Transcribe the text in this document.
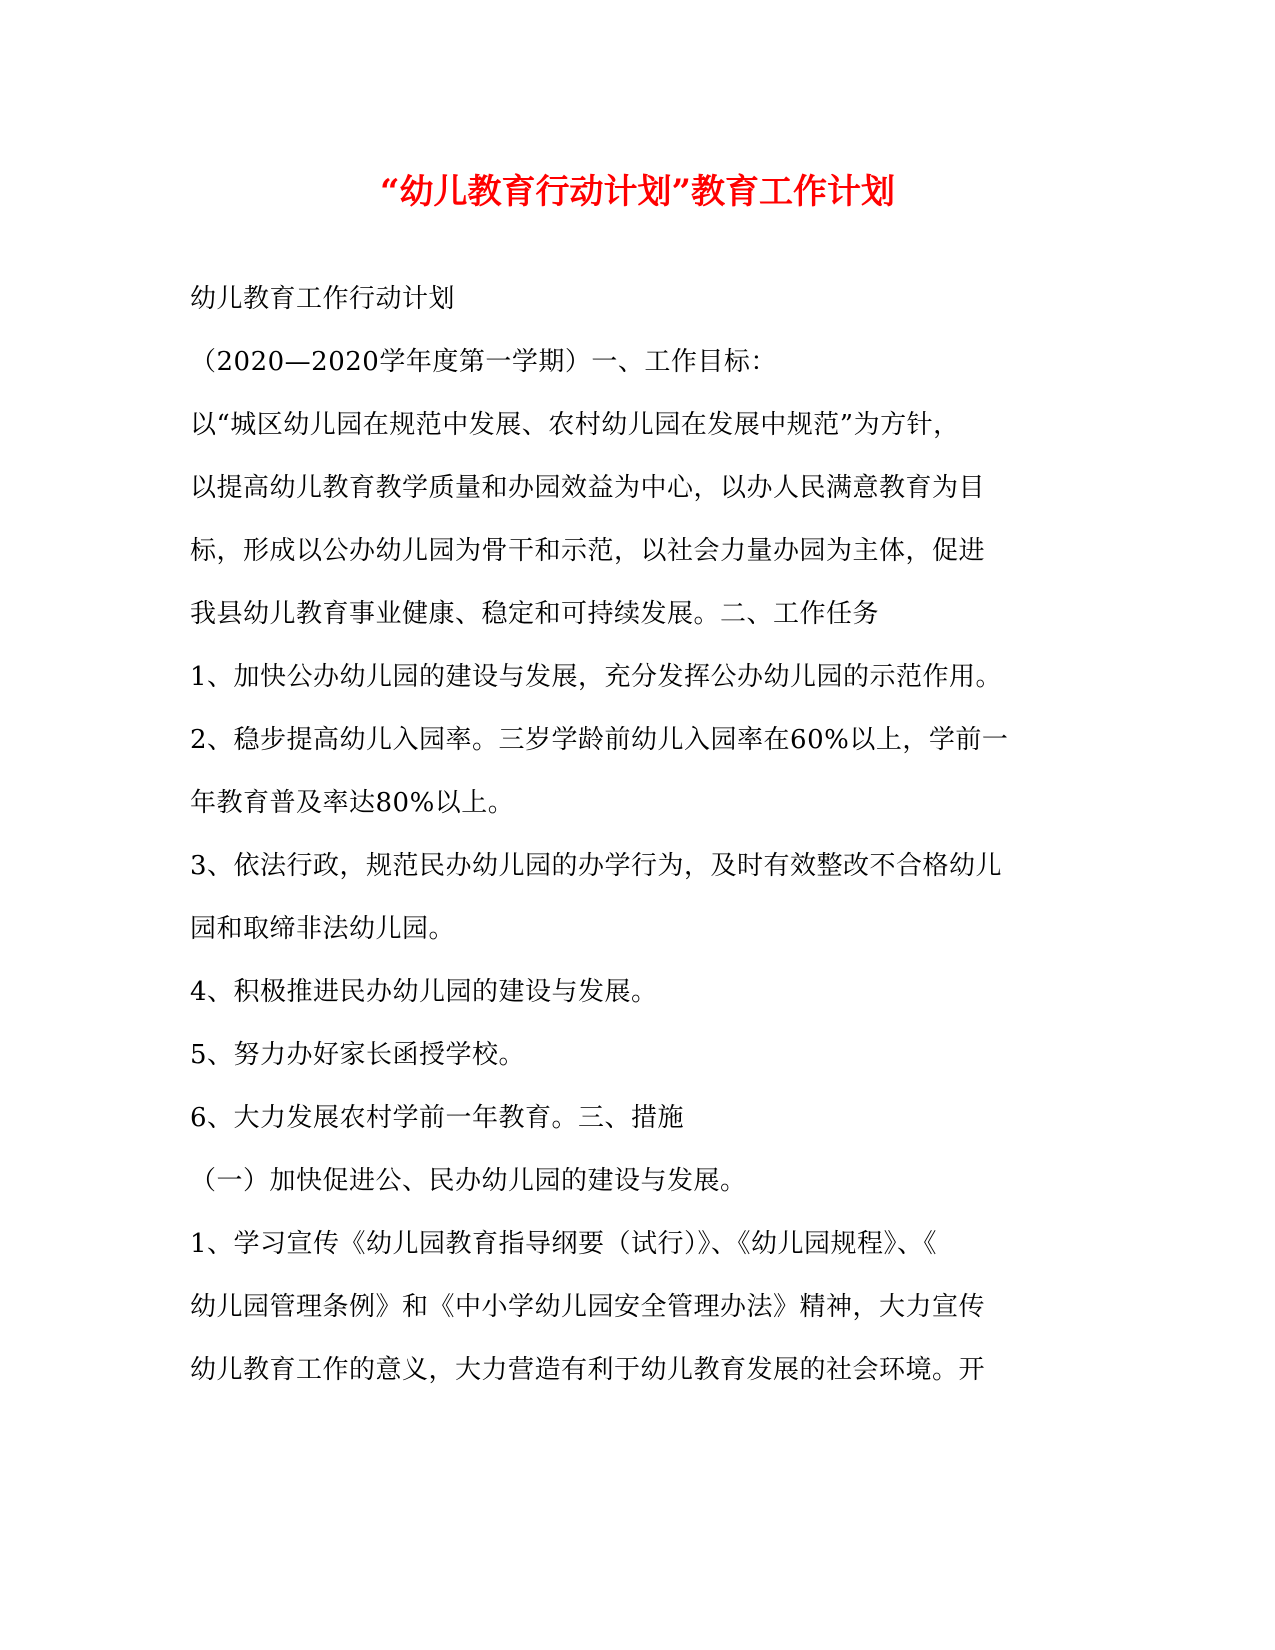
“幼儿教育行动计划”教育工作计划
幼儿教育工作行动计划
（2020—2020学年度第一学期）一、工作目标：
以“城区幼儿园在规范中发展、农村幼儿园在发展中规范”为方针，
以提高幼儿教育教学质量和办园效益为中心，以办人民满意教育为目
标，形成以公办幼儿园为骨干和示范，以社会力量办园为主体，促进
我县幼儿教育事业健康、稳定和可持续发展。二、工作任务
1、加快公办幼儿园的建设与发展，充分发挥公办幼儿园的示范作用。
2、稳步提高幼儿入园率。三岁学龄前幼儿入园率在60%以上，学前一
年教育普及率达80%以上。
3、依法行政，规范民办幼儿园的办学行为，及时有效整改不合格幼儿
园和取缔非法幼儿园。
4、积极推进民办幼儿园的建设与发展。
5、努力办好家长函授学校。
6、大力发展农村学前一年教育。三、措施
（一）加快促进公、民办幼儿园的建设与发展。
1、学习宣传《幼儿园教育指导纲要（试行）》、《幼儿园规程》、《
幼儿园管理条例》和《中小学幼儿园安全管理办法》精神，大力宣传
幼儿教育工作的意义，大力营造有利于幼儿教育发展的社会环境。开
